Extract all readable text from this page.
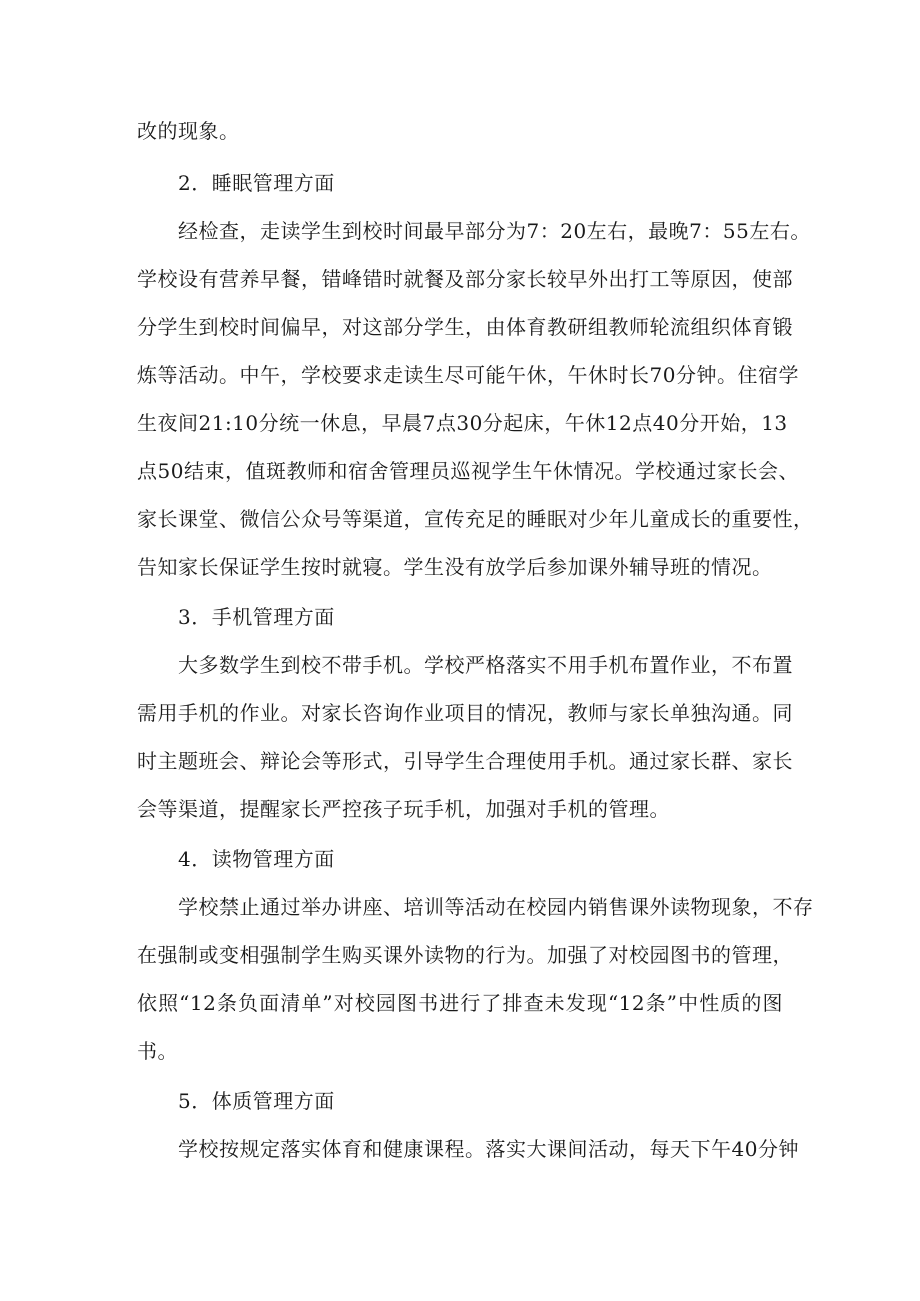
改的现象。
2．睡眠管理方面
经检查，走读学生到校时间最早部分为7：20左右，最晚7：55左右。
学校设有营养早餐，错峰错时就餐及部分家长较早外出打工等原因，使部
分学生到校时间偏早，对这部分学生，由体育教研组教师轮流组织体育锻
炼等活动。中午，学校要求走读生尽可能午休，午休时长70分钟。住宿学
生夜间21:10分统一休息，早晨7点30分起床，午休12点40分开始，13
点50结束，值斑教师和宿舍管理员巡视学生午休情况。学校通过家长会、
家长课堂、微信公众号等渠道，宣传充足的睡眠对少年儿童成长的重要性，
告知家长保证学生按时就寝。学生没有放学后参加课外辅导班的情况。
3．手机管理方面
大多数学生到校不带手机。学校严格落实不用手机布置作业，不布置
需用手机的作业。对家长咨询作业项目的情况，教师与家长单独沟通。同
时主题班会、辩论会等形式，引导学生合理使用手机。通过家长群、家长
会等渠道，提醒家长严控孩子玩手机，加强对手机的管理。
4．读物管理方面
学校禁止通过举办讲座、培训等活动在校园内销售课外读物现象，不存
在强制或变相强制学生购买课外读物的行为。加强了对校园图书的管理，
依照“12条负面清单”对校园图书进行了排查未发现“12条”中性质的图
书。
5．体质管理方面
学校按规定落实体育和健康课程。落实大课间活动，每天下午40分钟
